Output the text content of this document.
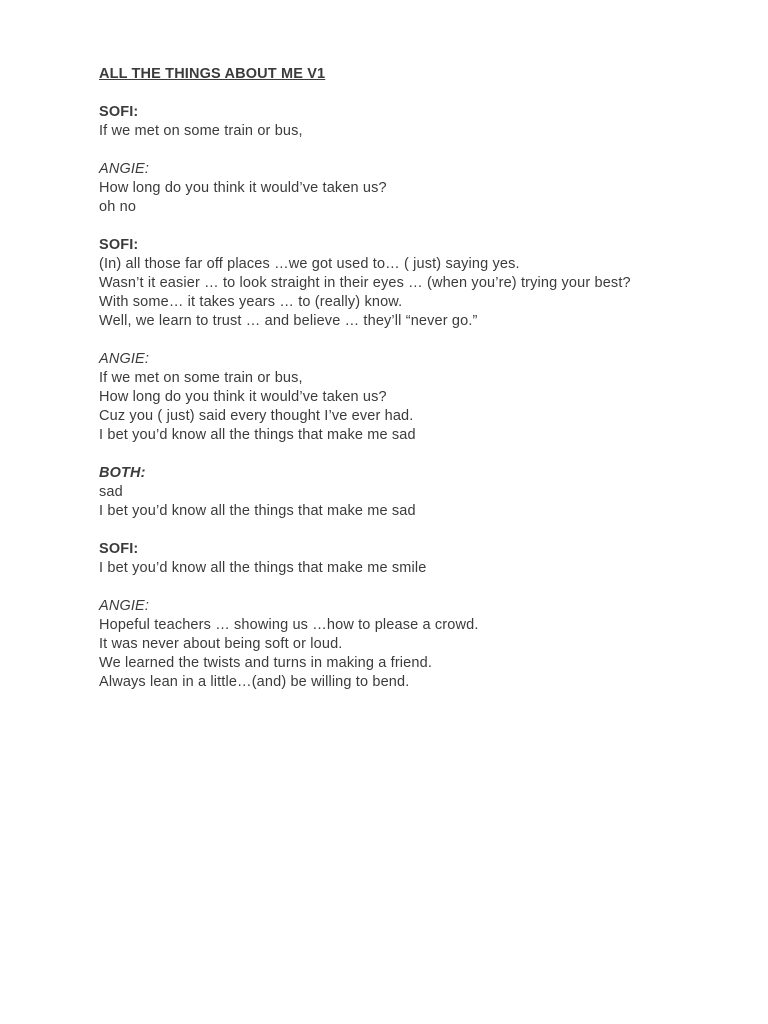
ALL THE THINGS ABOUT ME V1
SOFI:
If we met on some train or bus,
ANGIE:
How long do you think it would’ve taken us?
oh no
SOFI:
(In) all those far off places …we got used to… ( just) saying yes.
Wasn’t it easier … to look straight in their eyes … (when you’re) trying your best?
With some… it takes years … to (really) know.
Well, we learn to trust … and believe … they’ll “never go.”
ANGIE:
If we met on some train or bus,
How long do you think it would’ve taken us?
Cuz you ( just) said every thought I’ve ever had.
I bet you’d know all the things that make me sad
BOTH:
sad
I bet you’d know all the things that make me sad
SOFI:
I bet you’d know all the things that make me smile
ANGIE:
Hopeful teachers … showing us …how to please a crowd.
It was never about being soft or loud.
We learned the twists and turns in making a friend.
Always lean in a little…(and) be willing to bend.
